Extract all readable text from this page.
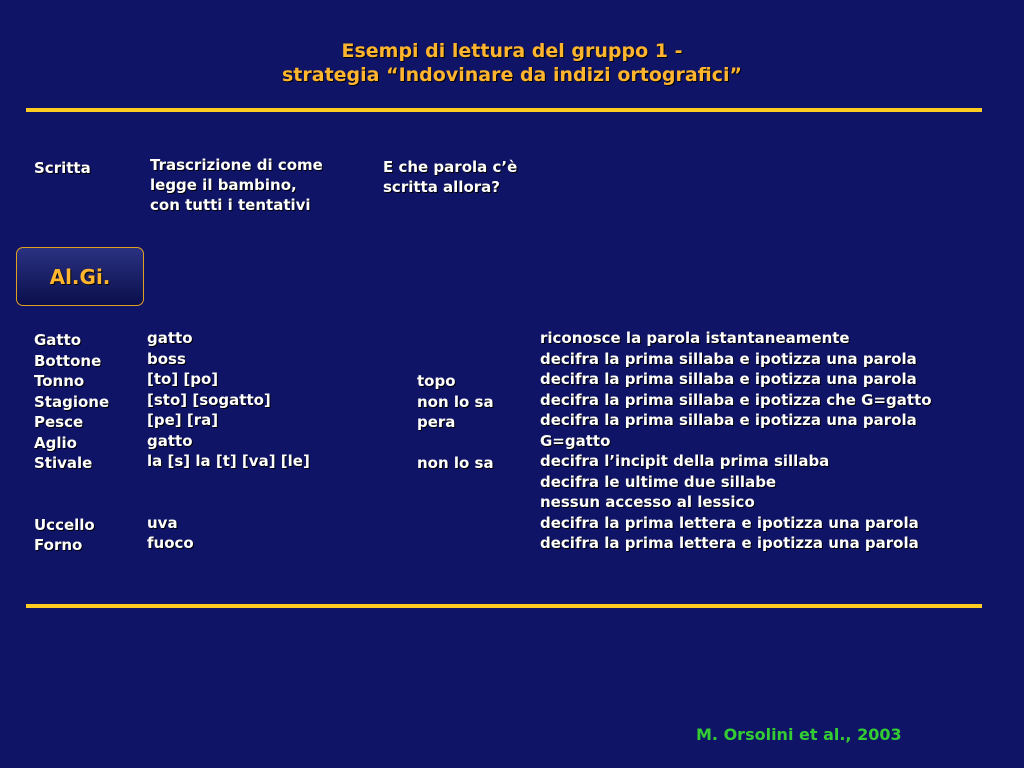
Esempi di lettura del gruppo 1 -
strategia “Indovinare da indizi ortografici”
Scritta	Trascrizione di come
legge il bambino,
con tutti i tentativi
E che parola c’è
scritta allora?
Al.Gi.
Gatto
Bottone
Tonno
Stagione
Pesce
Aglio
Stivale
Uccello
Forno
gatto
boss
[to] [po]
[sto] [sogatto]
[pe] [ra]
gatto
la [s] la [t] [va] [le]
uva
fuoco
topo
non lo sa
pera
non lo sa
riconosce la parola istantaneamente
decifra la prima sillaba e ipotizza una parola
decifra la prima sillaba e ipotizza una parola
decifra la prima sillaba e ipotizza che G=gatto
decifra la prima sillaba e ipotizza una parola
G=gatto
decifra l’incipit della prima sillaba
decifra le ultime due sillabe
nessun accesso al lessico
decifra la prima lettera e ipotizza una parola
decifra la prima lettera e ipotizza una parola
M. Orsolini et al., 2003
